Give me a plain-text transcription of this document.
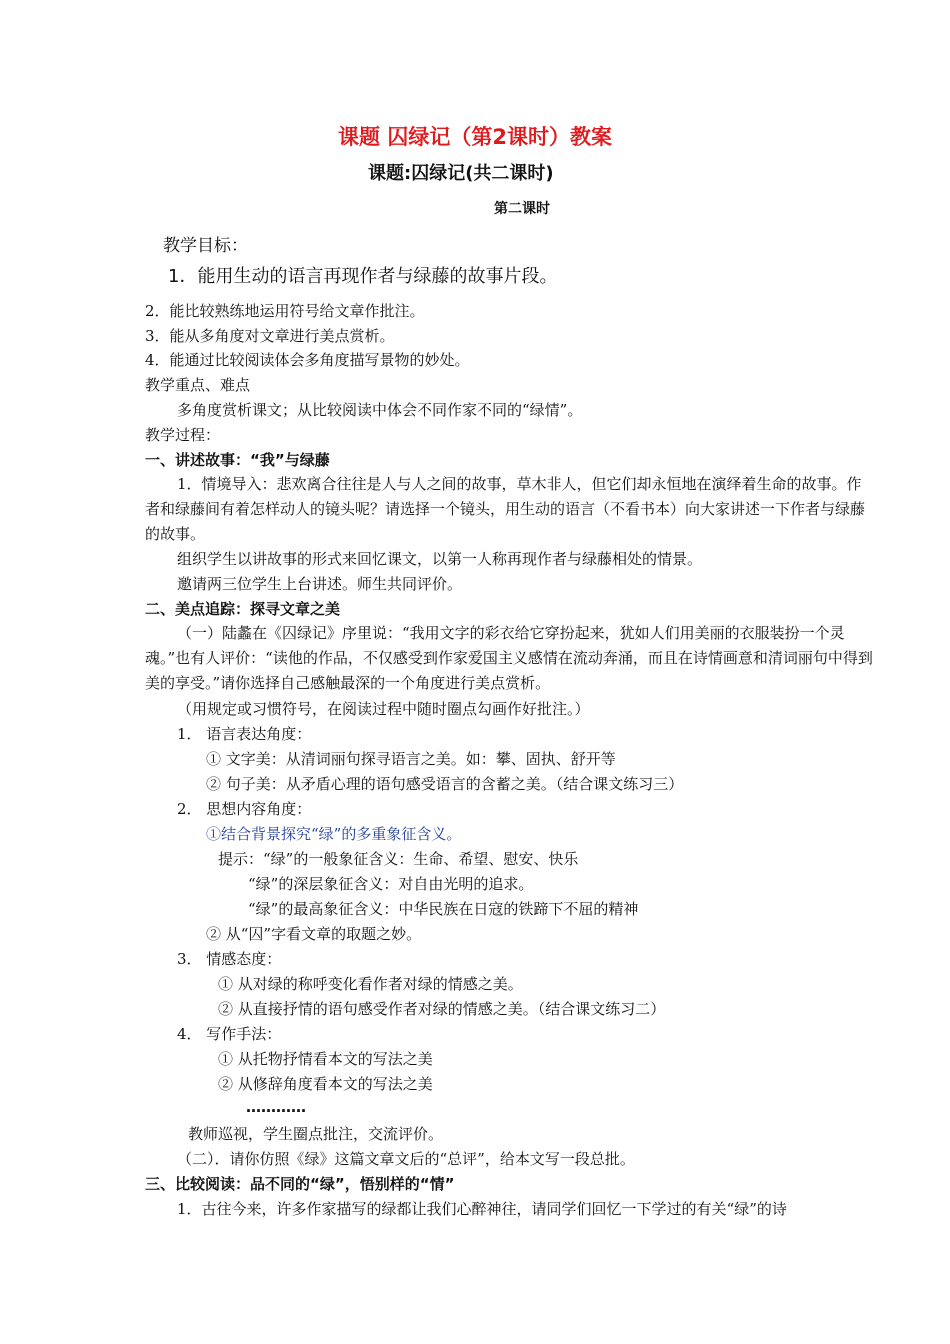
课题 囚绿记（第2课时）教案
课题:囚绿记(共二课时)
第二课时
教学目标：
1．能用生动的语言再现作者与绿藤的故事片段。
2．能比较熟练地运用符号给文章作批注。
3．能从多角度对文章进行美点赏析。
4．能通过比较阅读体会多角度描写景物的妙处。
教学重点、难点
多角度赏析课文；从比较阅读中体会不同作家不同的“绿情”。
教学过程：
一、讲述故事：“我”与绿藤
1．情境导入：悲欢离合往往是人与人之间的故事，草木非人，但它们却永恒地在演绎着生命的故事。作者和绿藤间有着怎样动人的镜头呢？请选择一个镜头，用生动的语言（不看书本）向大家讲述一下作者与绿藤的故事。
组织学生以讲故事的形式来回忆课文，以第一人称再现作者与绿藤相处的情景。
邀请两三位学生上台讲述。师生共同评价。
二、美点追踪：探寻文章之美
（一）陆蠡在《囚绿记》序里说：“我用文字的彩衣给它穿扮起来，犹如人们用美丽的衣服装扮一个灵魂。”也有人评价：“读他的作品，不仅感受到作家爱国主义感情在流动奔涌，而且在诗情画意和清词丽句中得到美的享受。”请你选择自己感触最深的一个角度进行美点赏析。
（用规定或习惯符号，在阅读过程中随时圈点勾画作好批注。）
1． 语言表达角度：
① 文字美：从清词丽句探寻语言之美。如：攀、固执、舒开等
② 句子美：从矛盾心理的语句感受语言的含蓄之美。（结合课文练习三）
2． 思想内容角度：
①结合背景探究“绿”的多重象征含义。
提示：“绿”的一般象征含义：生命、希望、慰安、快乐
“绿”的深层象征含义：对自由光明的追求。
“绿”的最高象征含义：中华民族在日寇的铁蹄下不屈的精神
② 从“囚”字看文章的取题之妙。
3． 情感态度：
① 从对绿的称呼变化看作者对绿的情感之美。
② 从直接抒情的语句感受作者对绿的情感之美。（结合课文练习二）
4． 写作手法：
① 从托物抒情看本文的写法之美
② 从修辞角度看本文的写法之美
…………
教师巡视，学生圈点批注，交流评价。
（二）．请你仿照《绿》这篇文章文后的“总评”，给本文写一段总批。
三、比较阅读：品不同的“绿”，悟别样的“情”
1．古往今来，许多作家描写的绿都让我们心醉神往，请同学们回忆一下学过的有关“绿”的诗
